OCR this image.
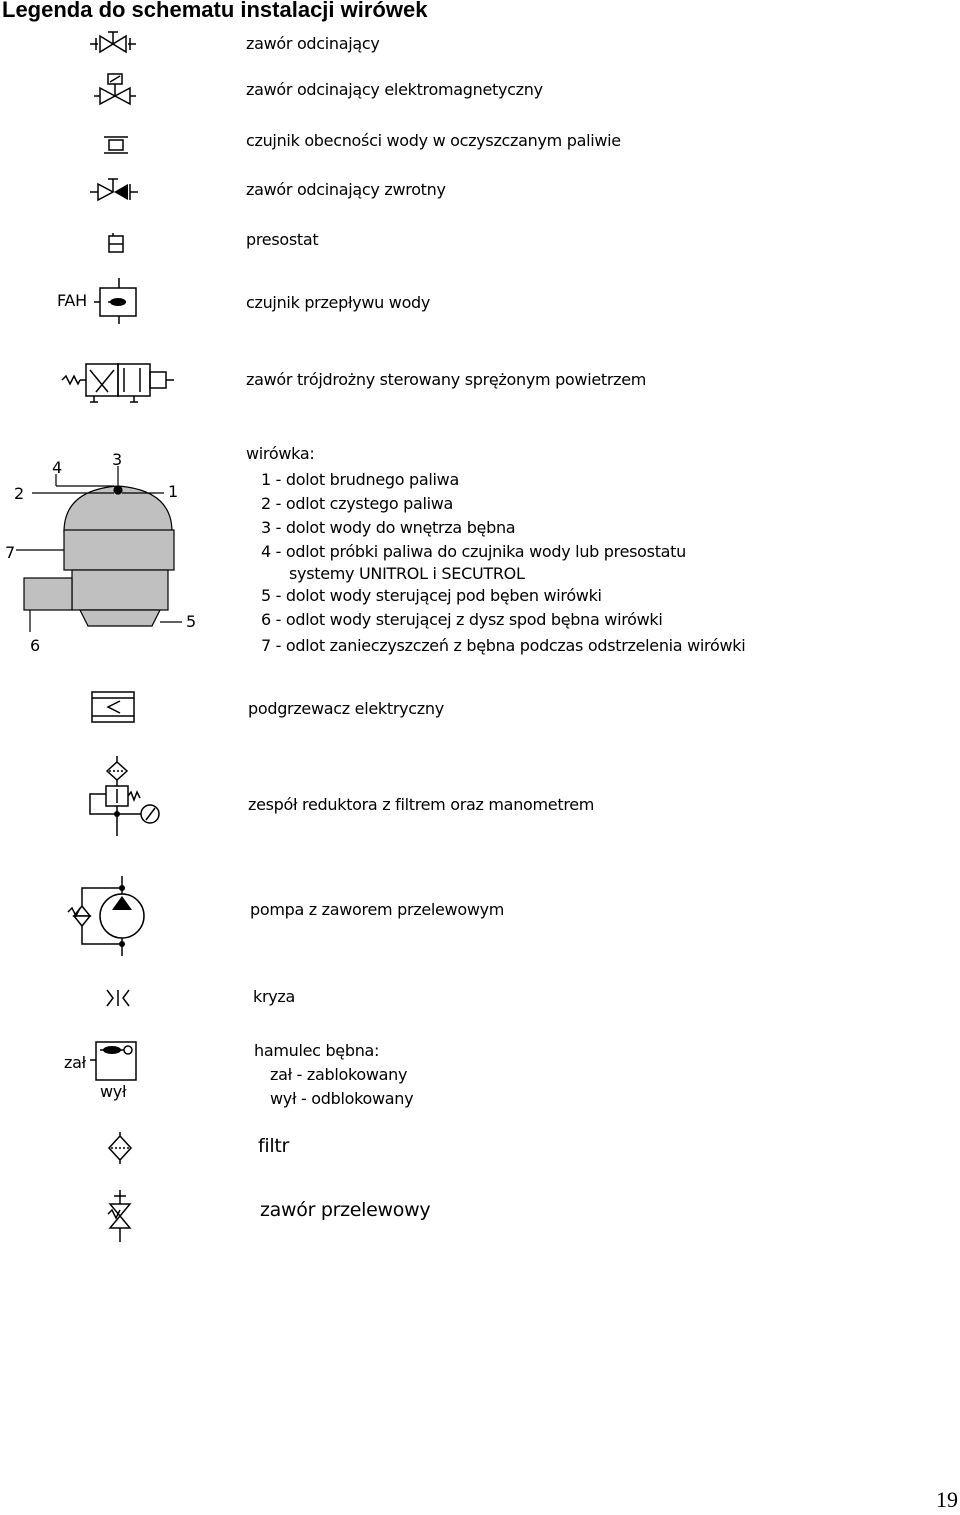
Legenda do schematu instalacji wirówek
zawór odcinający
zawór odcinający elektromagnetyczny
czujnik obecności wody w oczyszczanym paliwie
zawór odcinający zwrotny
presostat
FAH	czujnik przepływu wody
zawór trójdrożny sterowany sprężonym powietrzem
4	3
2	1
7
5
6
wirówka:
1 - dolot brudnego paliwa
2 - odlot czystego paliwa
3 - dolot wody do wnętrza bębna
4 - odlot próbki paliwa do czujnika wody lub presostatu
systemy UNITROL i SECUTROL
5 - dolot wody sterującej pod bęben wirówki
6 - odlot wody sterującej z dysz spod bębna wirówki
7 - odlot zanieczyszczeń z bębna podczas odstrzelenia wirówki
podgrzewacz elektryczny
zespół reduktora z filtrem oraz manometrem
pompa z zaworem przelewowym
kryza
zał
wył
hamulec bębna:
zał - zablokowany
wył - odblokowany
filtr
zawór przelewowy
19
